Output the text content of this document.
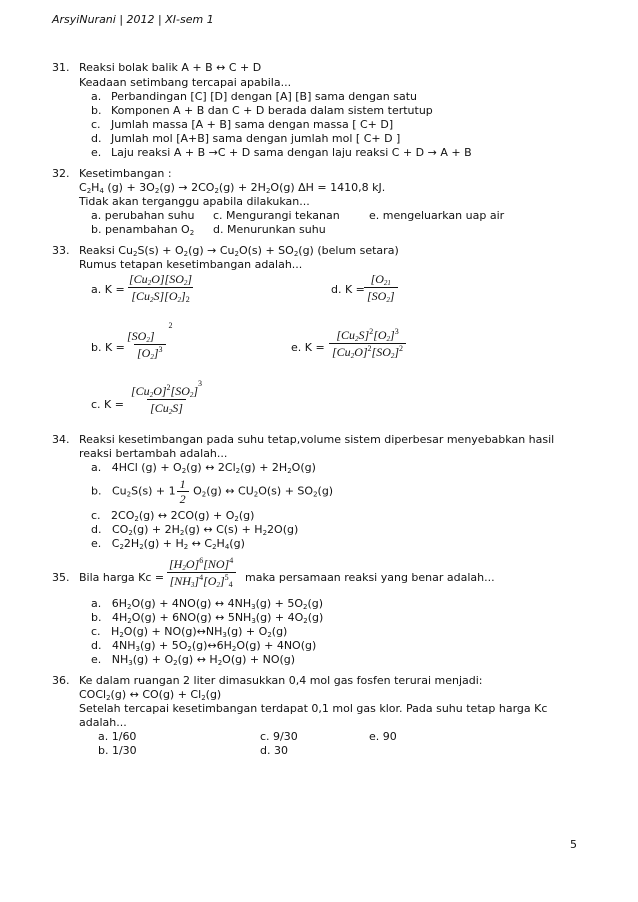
ArsyiNurani | 2012 | XI-sem 1
31. Reaksi bolak balik A + B ↔ C + D
Keadaan setimbang tercapai apabila...
a. Perbandingan [C] [D] dengan [A] [B] sama dengan satu
b. Komponen A + B dan C + D berada dalam sistem tertutup
c. Jumlah massa [A + B] sama dengan massa [ C+ D]
d. Jumlah mol [A+B] sama dengan jumlah mol [ C+ D ]
e. Laju reaksi A + B →C + D sama dengan laju reaksi C + D → A + B
32. Kesetimbangan :
$C_2H_4$ $(g) + 3O_2(g) \to 2CO_2(g) + 2H_2O(g) \Delta H = 1410,8$ kJ.
Tidak akan terganggu apabila dilakukan...
a. perubahan suhu c. Mengurangi tekanan	e. mengeluarkan uap air
b. penambahan $O_2$ d. Menurunkan suhu
33. Reaksi $Cu_2S(s) + O_2(g) \to Cu_2O(s) + SO_2(g)$ (belum setara)
Rumus tetapan kesetimbangan adalah...
a. $K = \frac{[Cu_2O][SO_2]}{[Cu_2S][O_2]_2}$	d. $K = \frac{[O_{21}}{[SO_2]}$
b. $K = \frac{[SO_2]^2}{[O_2]^3}$	e. $K = \frac{[Cu_2S]^2[O_2]^3}{[Cu_2O]^2[SO_2]^2}$
c. $K = \frac{[Cu_2O]^2[SO_2]^3}{[Cu_2S]}$
34. Reaksi kesetimbangan pada suhu tetap,volume sistem diperbesar menyebabkan hasil
reaksi bertambah adalah...
a. 4HCl $(g) + O_2(g)$ ↔ $2Cl_2(g) + 2H_2O(g)$
b. $Cu_2S(s) + 1 \frac{1}{2} O_2(g)$ ↔ $CU_2O(s) + SO_2(g)$
c. $2CO_2(g)$ ↔ $2CO(g) + O_2(g)$
d. $CO_2(g) + 2H_2(g)$ ↔ $C(s) + H_22O(g)$
e. $C_22H_2(g) + H_2$ ↔ $C_2H_4(g)$
35. Bila harga $Kc = \frac{[H_2O]^6[NO]^4}{[NH_3]^4[O_2]^5_4}$ maka persamaan reaksi yang benar adalah...
a. $6H_2O(g) + 4NO(g)$ ↔ $4NH_3(g) + 5O_2(g)$
b. $4H_2O(g) + 6NO(g)$ ↔ $5NH_3(g) + 4O_2(g)$
c. $H_2O(g)$ + $NO(g)\leftrightarrow NH_3(g) + O_2(g)$
d. $4NH_3(g)$ + $5O_2(g)\leftrightarrow 6H_2O(g) + 4NO(g)$
e. $NH_3(g) + O_2(g)$ ↔ $H_2O(g) + NO(g)$
36. Ke dalam ruangan 2 liter dimasukkan 0,4 mol gas fosfen terurai menjadi:
COCl$_2$(g) ↔ $CO(g) + Cl_2(g)$
Setelah tercapai kesetimbangan terdapat 0,1 mol gas klor. Pada suhu tetap harga Kc
adalah...
a. 1/60	c. 9/30	e. 90
b. 1/30	d. 30
5
